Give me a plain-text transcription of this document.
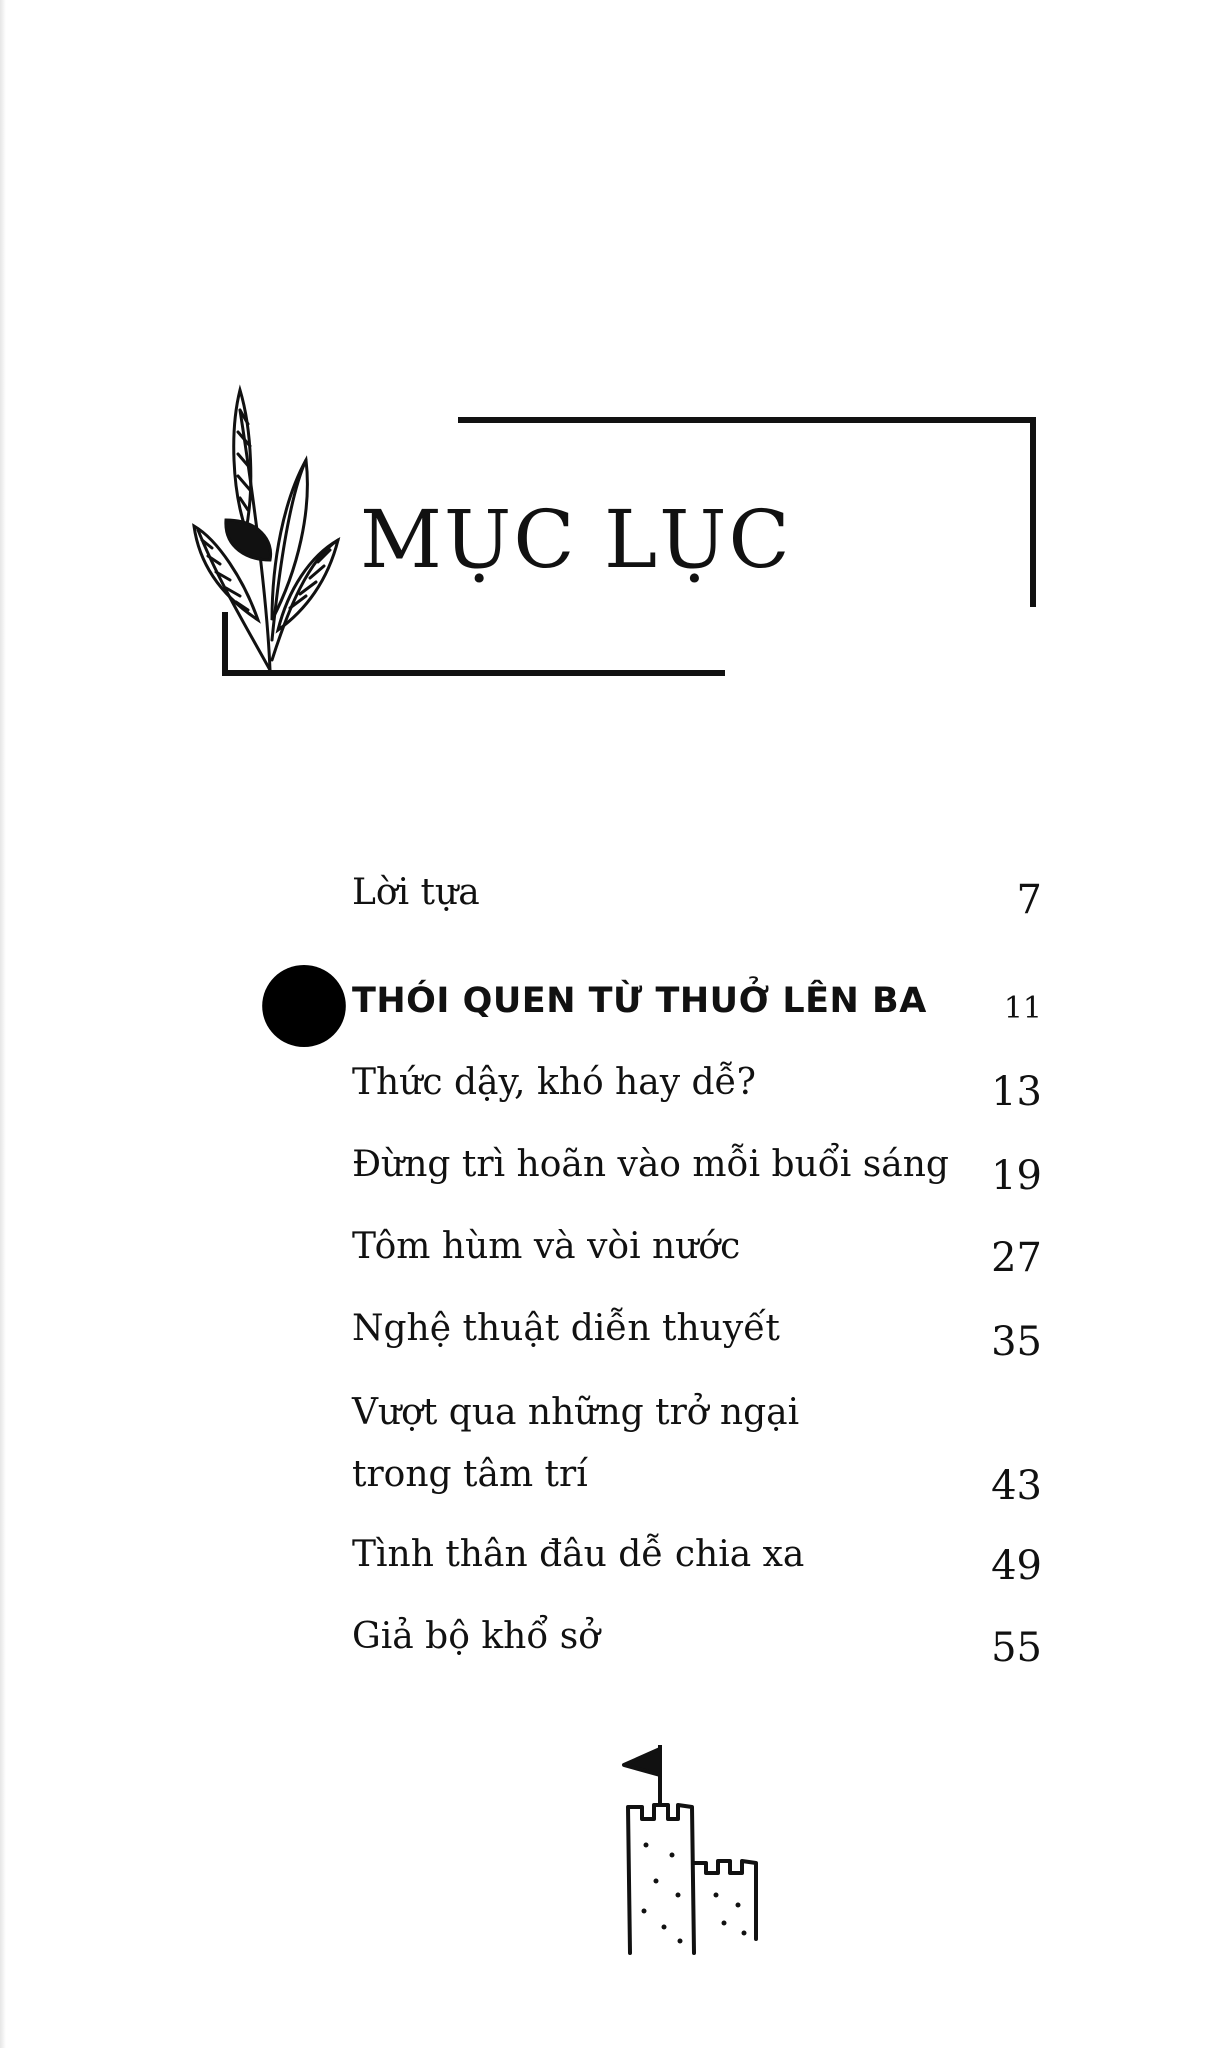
MỤC LỤC
Lời tựa	7
THÓI QUEN TỪ THUỞ LÊN BA	11
Thức dậy, khó hay dễ?	13
Đừng trì hoãn vào mỗi buổi sáng 19
Tôm hùm và vòi nước	27
Nghệ thuật diễn thuyết	35
Vượt qua những trở ngại
trong tâm trí	43
Tình thân đâu dễ chia xa	49
Giả bộ khổ sở	55
